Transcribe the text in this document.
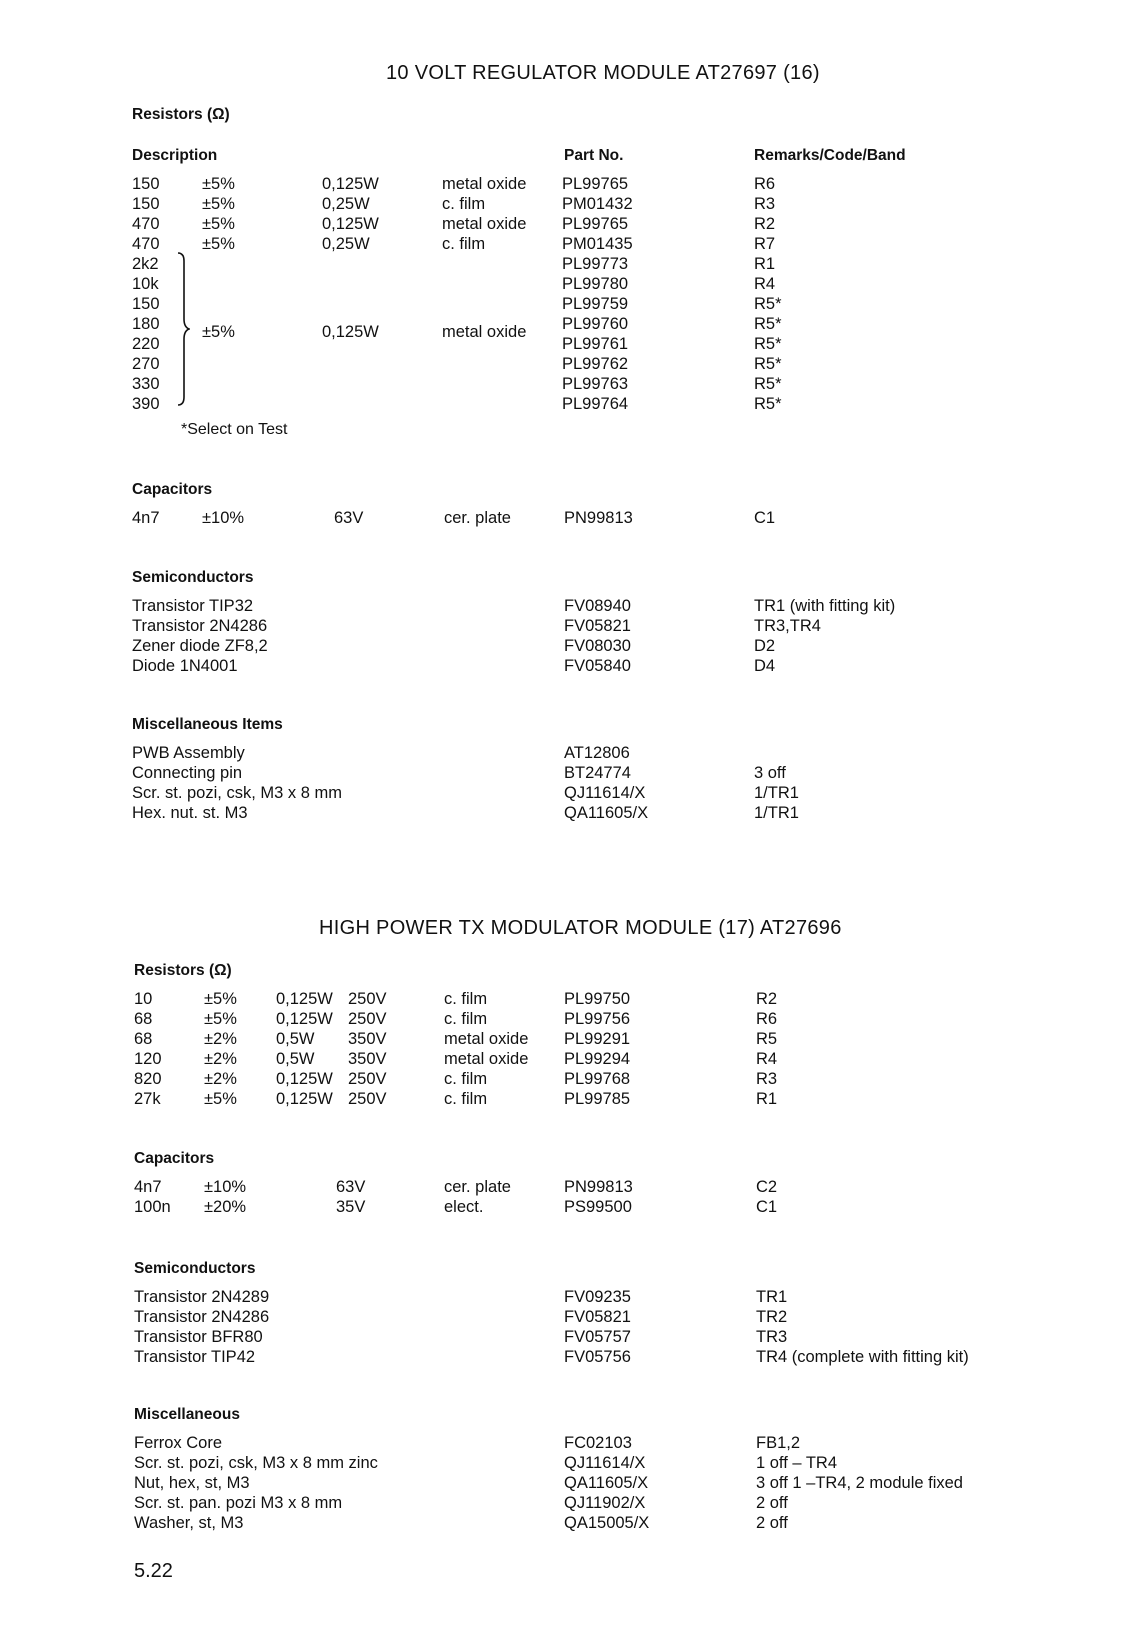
10 VOLT REGULATOR MODULE AT27697 (16)
Resistors (Ω)
Description	Part No.	Remarks/Code/Band
150	±5%	0,125W	metal oxide PL99765	R6
150	±5%	0,25W	c. film	PM01432	R3
470	±5%	0,125W	metal oxide PL99765	R2
470	±5%	0,25W	c. film	PM01435	R7
2k2	PL99773	R1
10k	PL99780	R4
150	PL99759	R5*
180	PL99760	R5*
220	PL99761	R5*
270	PL99762	R5*
330	PL99763	R5*
390	PL99764	R5*
±5%	0,125W	metal oxide
*Select on Test
Capacitors
4n7	±10%	63V	cer. plate	PN99813	C1
Semiconductors
Transistor TIP32	FV08940	TR1 (with fitting kit)
Transistor 2N4286	FV05821	TR3,TR4
Zener diode ZF8,2	FV08030	D2
Diode 1N4001	FV05840	D4
Miscellaneous Items
PWB Assembly	AT12806
Connecting pin	BT24774	3 off
Scr. st. pozi, csk, M3 x 8 mm	QJ11614/X	1/TR1
Hex. nut. st. M3	QA11605/X	1/TR1
HIGH POWER TX MODULATOR MODULE (17) AT27696
Resistors (Ω)
10	±5% 0,125W 250V	c. film	PL99750	R2
68	±5% 0,125W 250V	c. film	PL99756	R6
68	±2% 0,5W 350V	metal oxide PL99291	R5
120	±2% 0,5W 350V	metal oxide PL99294	R4
820	±2% 0,125W 250V	c. film	PL99768	R3
27k	±5% 0,125W 250V	c. film	PL99785	R1
Capacitors
4n7	±10%	63V	cer. plate	PN99813	C2
100n ±20%	35V	elect.	PS99500	C1
Semiconductors
Transistor 2N4289	FV09235	TR1
Transistor 2N4286	FV05821	TR2
Transistor BFR80	FV05757	TR3
Transistor TIP42	FV05756	TR4 (complete with fitting kit)
Miscellaneous
Ferrox Core	FC02103	FB1,2
Scr. st. pozi, csk, M3 x 8 mm zinc	QJ11614/X	1 off – TR4
Nut, hex, st, M3	QA11605/X	3 off 1 –TR4, 2 module fixed
Scr. st. pan. pozi M3 x 8 mm	QJ11902/X	2 off
Washer, st, M3	QA15005/X	2 off
5.22
